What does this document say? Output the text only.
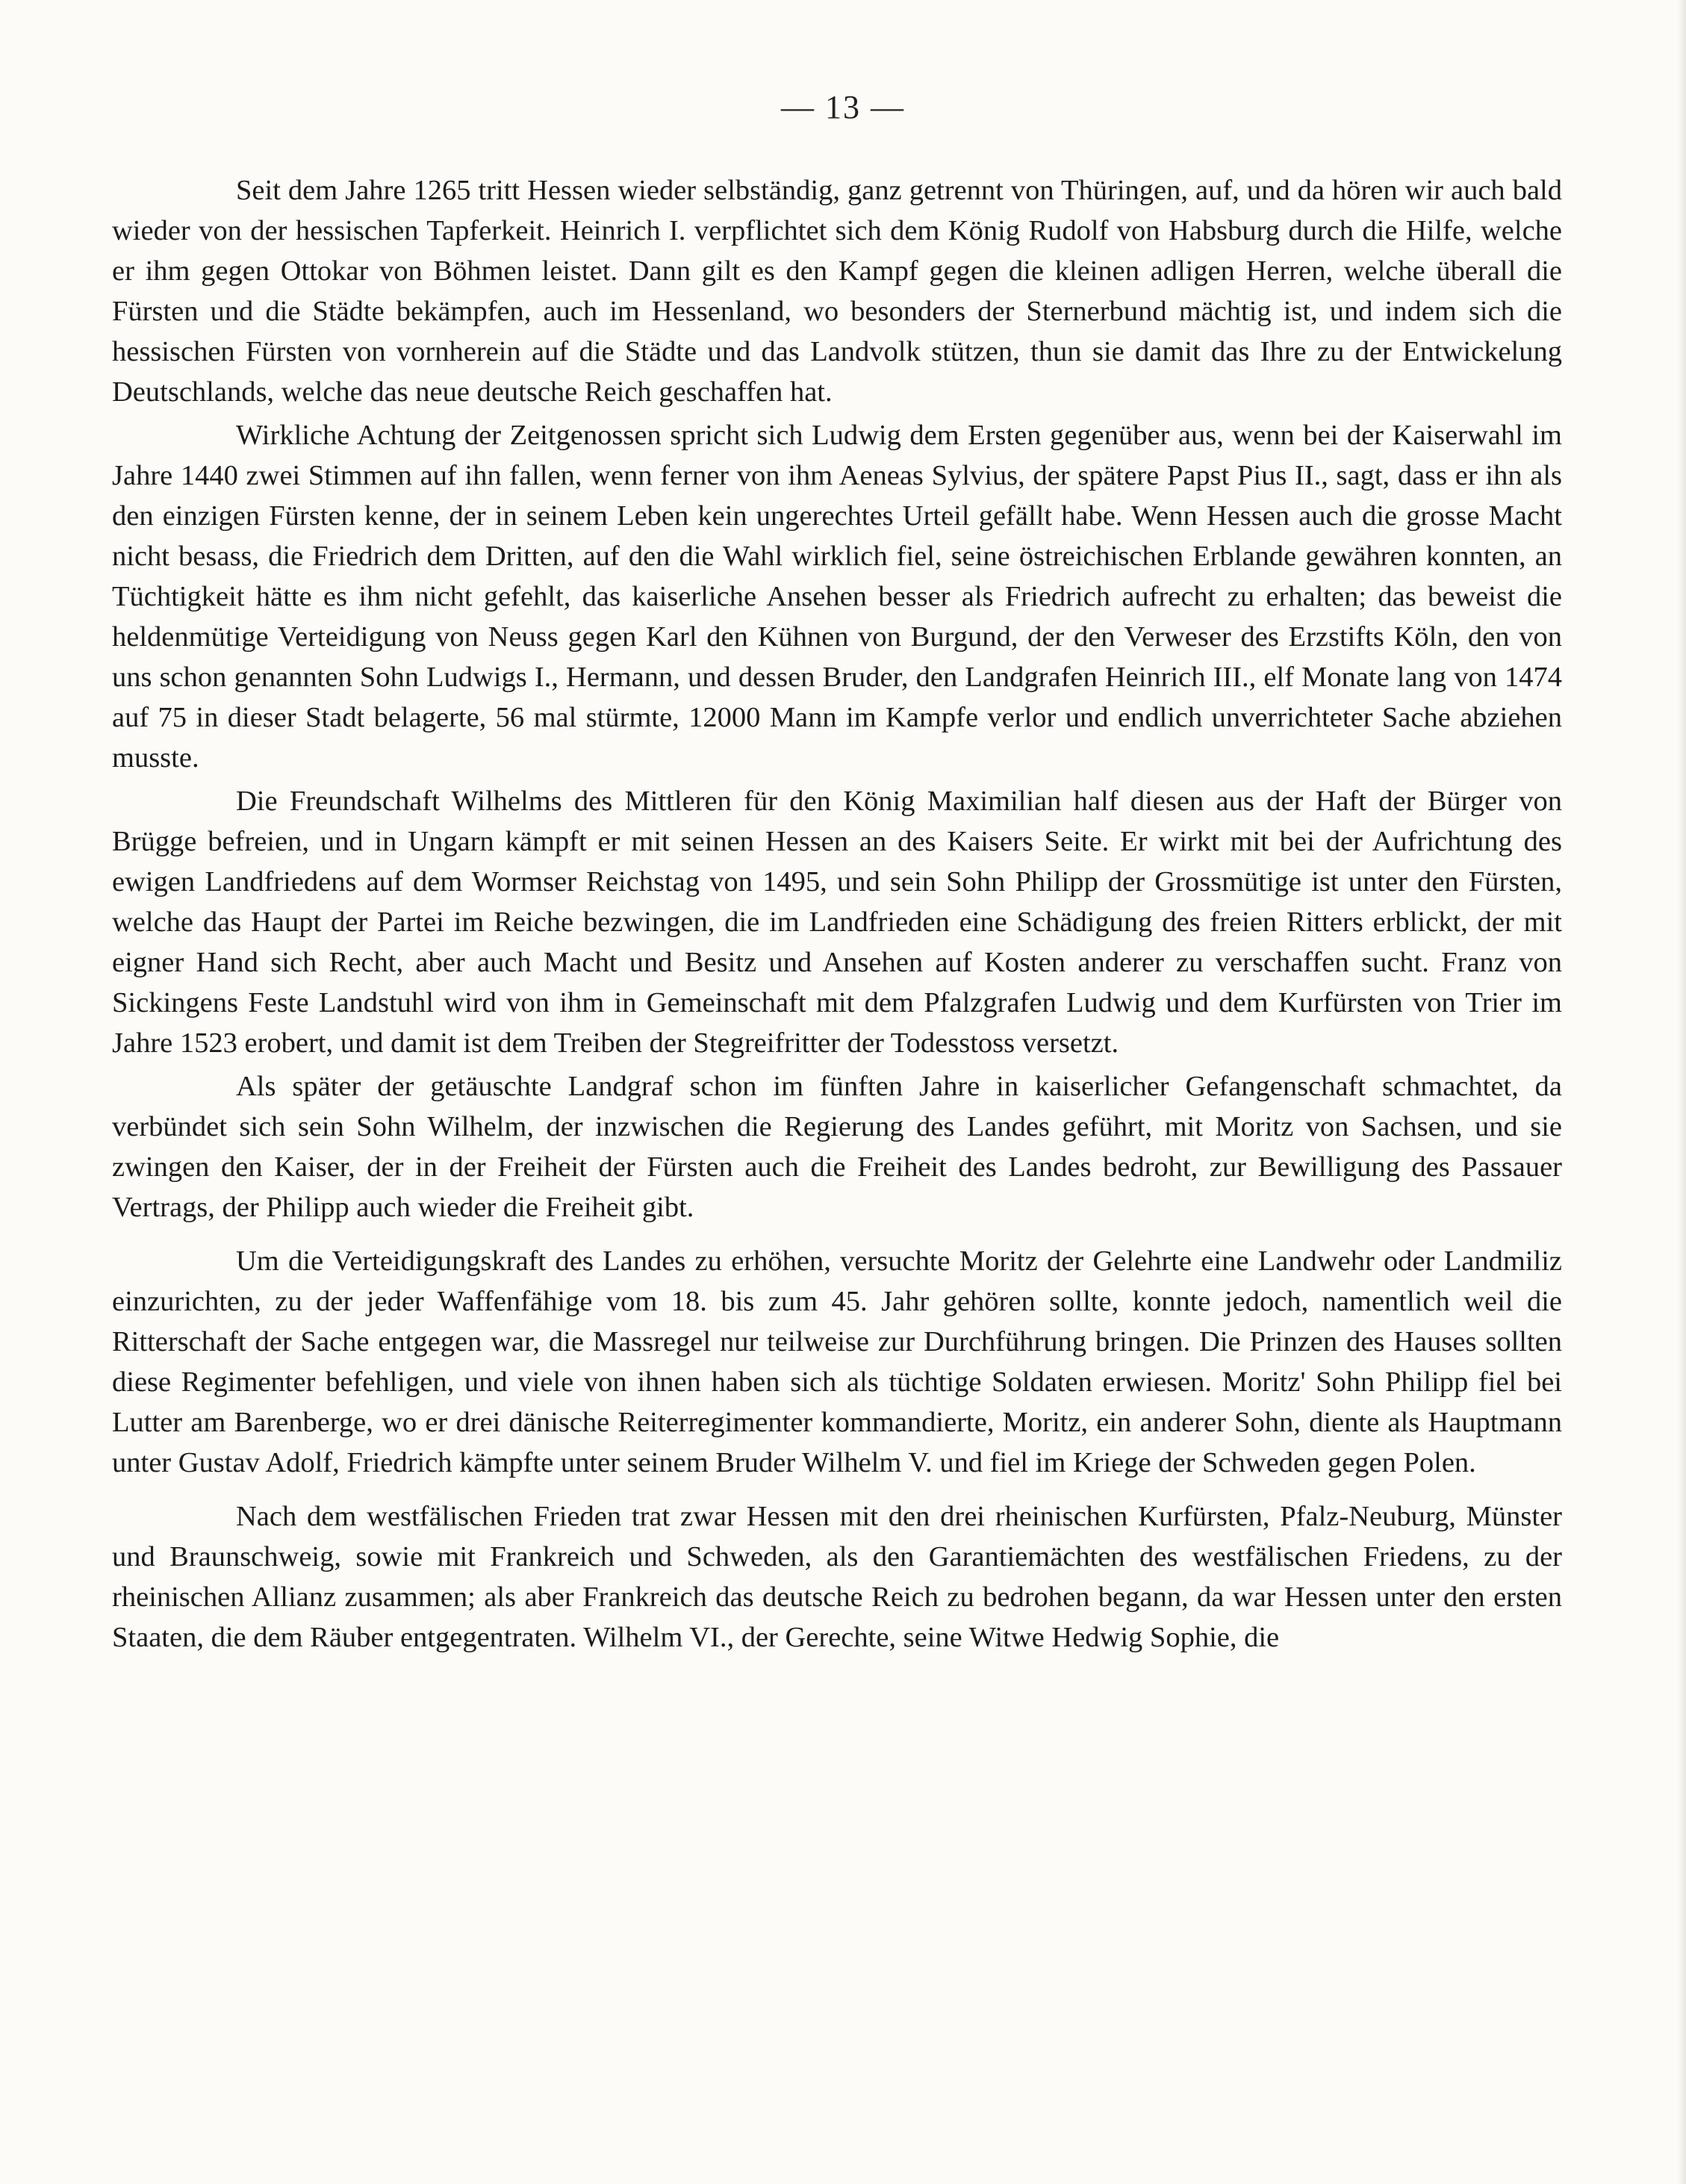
— 13 —

Seit dem Jahre 1265 tritt Hessen wieder selbständig, ganz getrennt von Thüringen, auf, und da hören wir auch bald wieder von der hessischen Tapferkeit. Heinrich I. verpflichtet sich dem König Rudolf von Habsburg durch die Hilfe, welche er ihm gegen Ottokar von Böhmen leistet. Dann gilt es den Kampf gegen die kleinen adligen Herren, welche überall die Fürsten und die Städte bekämpfen, auch im Hessenland, wo besonders der Sternerbund mächtig ist, und indem sich die hessischen Fürsten von vornherein auf die Städte und das Landvolk stützen, thun sie damit das Ihre zu der Entwickelung Deutschlands, welche das neue deutsche Reich geschaffen hat.

Wirkliche Achtung der Zeitgenossen spricht sich Ludwig dem Ersten gegenüber aus, wenn bei der Kaiserwahl im Jahre 1440 zwei Stimmen auf ihn fallen, wenn ferner von ihm Aeneas Sylvius, der spätere Papst Pius II., sagt, dass er ihn als den einzigen Fürsten kenne, der in seinem Leben kein ungerechtes Urteil gefällt habe. Wenn Hessen auch die grosse Macht nicht besass, die Friedrich dem Dritten, auf den die Wahl wirklich fiel, seine östreichischen Erblande gewähren konnten, an Tüchtigkeit hätte es ihm nicht gefehlt, das kaiserliche Ansehen besser als Friedrich aufrecht zu erhalten; das beweist die heldenmütige Verteidigung von Neuss gegen Karl den Kühnen von Burgund, der den Verweser des Erzstifts Köln, den von uns schon genannten Sohn Ludwigs I., Hermann, und dessen Bruder, den Landgrafen Heinrich III., elf Monate lang von 1474 auf 75 in dieser Stadt belagerte, 56 mal stürmte, 12000 Mann im Kampfe verlor und endlich unverrichteter Sache abziehen musste.

Die Freundschaft Wilhelms des Mittleren für den König Maximilian half diesen aus der Haft der Bürger von Brügge befreien, und in Ungarn kämpft er mit seinen Hessen an des Kaisers Seite. Er wirkt mit bei der Aufrichtung des ewigen Landfriedens auf dem Wormser Reichstag von 1495, und sein Sohn Philipp der Grossmütige ist unter den Fürsten, welche das Haupt der Partei im Reiche bezwingen, die im Landfrieden eine Schädigung des freien Ritters erblickt, der mit eigner Hand sich Recht, aber auch Macht und Besitz und Ansehen auf Kosten anderer zu verschaffen sucht. Franz von Sickingens Feste Landstuhl wird von ihm in Gemeinschaft mit dem Pfalzgrafen Ludwig und dem Kurfürsten von Trier im Jahre 1523 erobert, und damit ist dem Treiben der Stegreifritter der Todesstoss versetzt.

Als später der getäuschte Landgraf schon im fünften Jahre in kaiserlicher Gefangenschaft schmachtet, da verbündet sich sein Sohn Wilhelm, der inzwischen die Regierung des Landes geführt, mit Moritz von Sachsen, und sie zwingen den Kaiser, der in der Freiheit der Fürsten auch die Freiheit des Landes bedroht, zur Bewilligung des Passauer Vertrags, der Philipp auch wieder die Freiheit gibt.

Um die Verteidigungskraft des Landes zu erhöhen, versuchte Moritz der Gelehrte eine Landwehr oder Landmiliz einzurichten, zu der jeder Waffenfähige vom 18. bis zum 45. Jahr gehören sollte, konnte jedoch, namentlich weil die Ritterschaft der Sache entgegen war, die Massregel nur teilweise zur Durchführung bringen. Die Prinzen des Hauses sollten diese Regimenter befehligen, und viele von ihnen haben sich als tüchtige Soldaten erwiesen. Moritz' Sohn Philipp fiel bei Lutter am Barenberge, wo er drei dänische Reiterregimenter kommandierte, Moritz, ein anderer Sohn, diente als Hauptmann unter Gustav Adolf, Friedrich kämpfte unter seinem Bruder Wilhelm V. und fiel im Kriege der Schweden gegen Polen.

Nach dem westfälischen Frieden trat zwar Hessen mit den drei rheinischen Kurfürsten, Pfalz-Neuburg, Münster und Braunschweig, sowie mit Frankreich und Schweden, als den Garantiemächten des westfälischen Friedens, zu der rheinischen Allianz zusammen; als aber Frankreich das deutsche Reich zu bedrohen begann, da war Hessen unter den ersten Staaten, die dem Räuber entgegentraten. Wilhelm VI., der Gerechte, seine Witwe Hedwig Sophie, die
